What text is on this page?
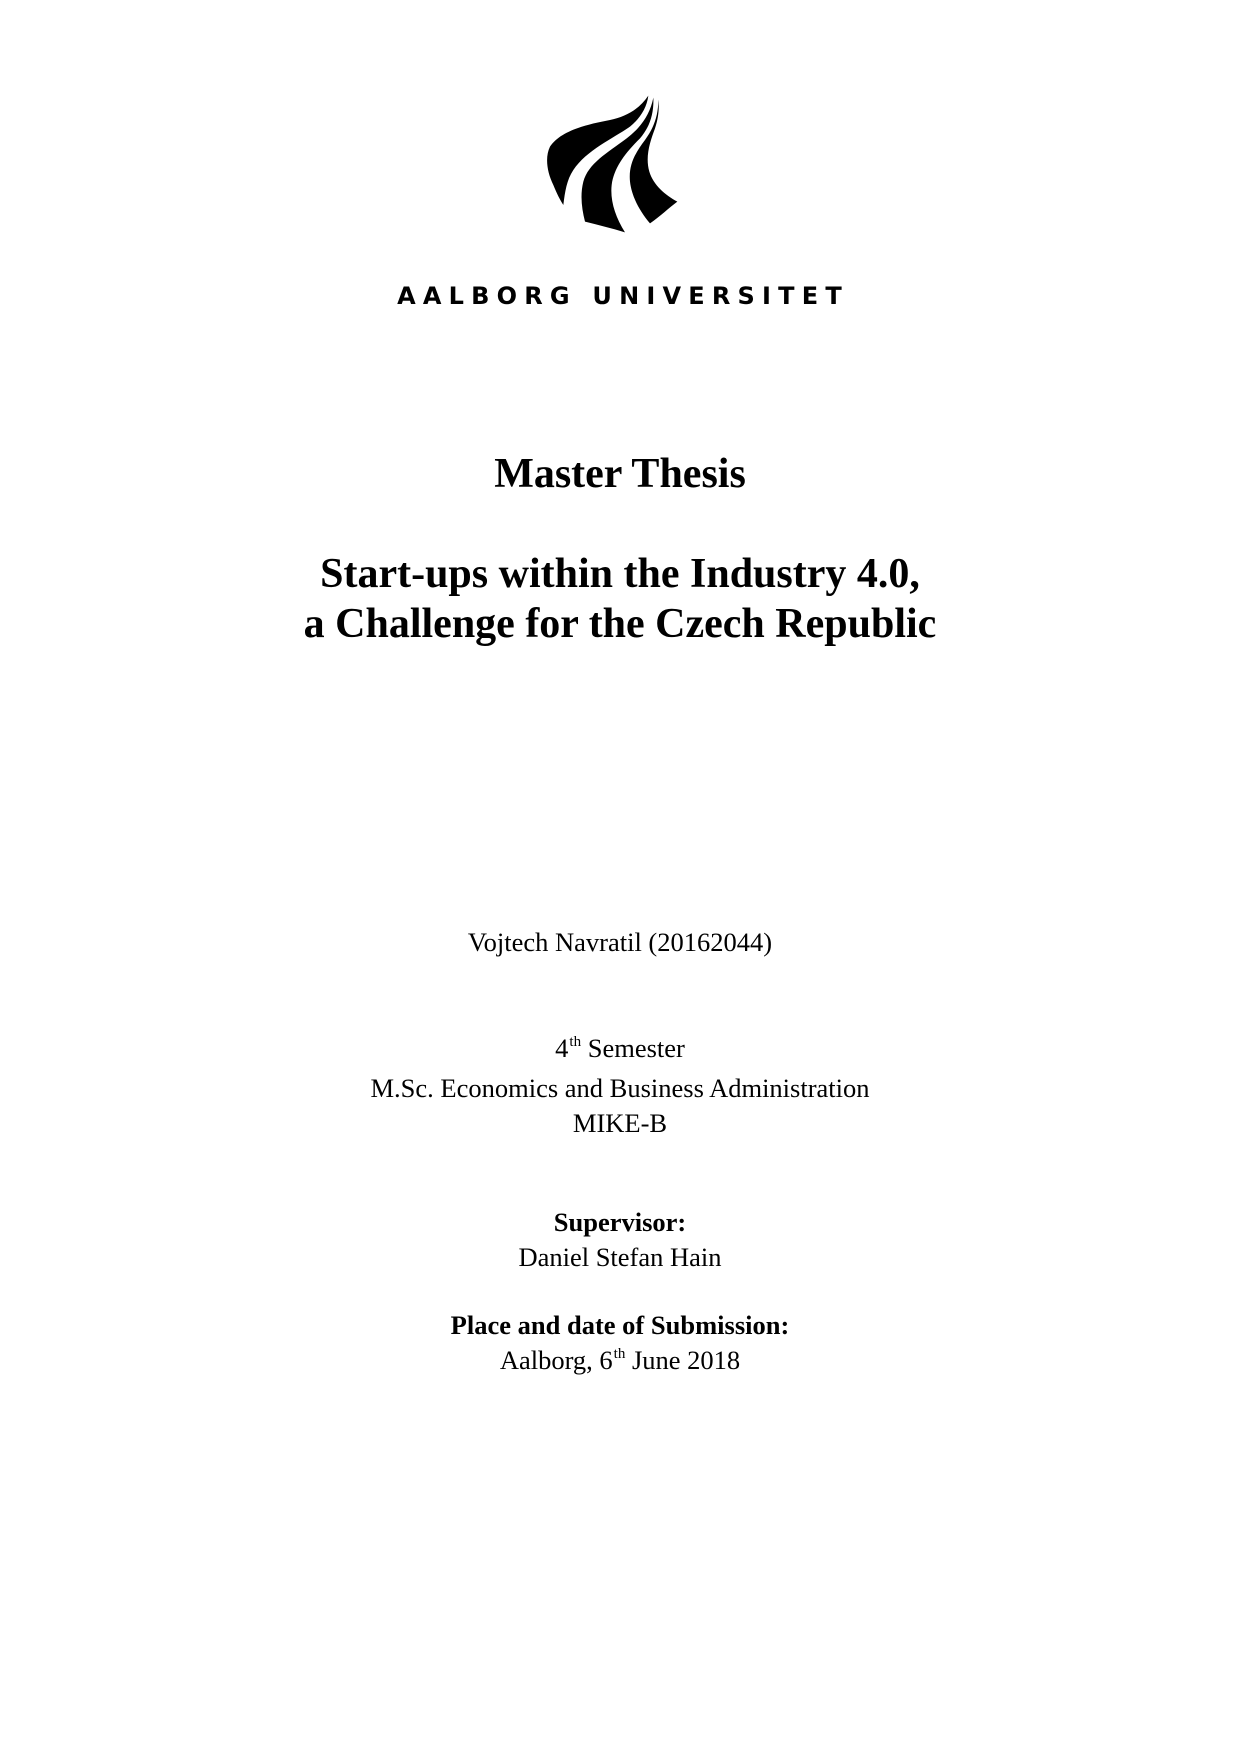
AALBORG UNIVERSITET
Master Thesis
Start-ups within the Industry 4.0,
a Challenge for the Czech Republic
Vojtech Navratil (20162044)
4th Semester
M.Sc. Economics and Business Administration
MIKE-B
Supervisor:
Daniel Stefan Hain
Place and date of Submission:
Aalborg, 6th June 2018
